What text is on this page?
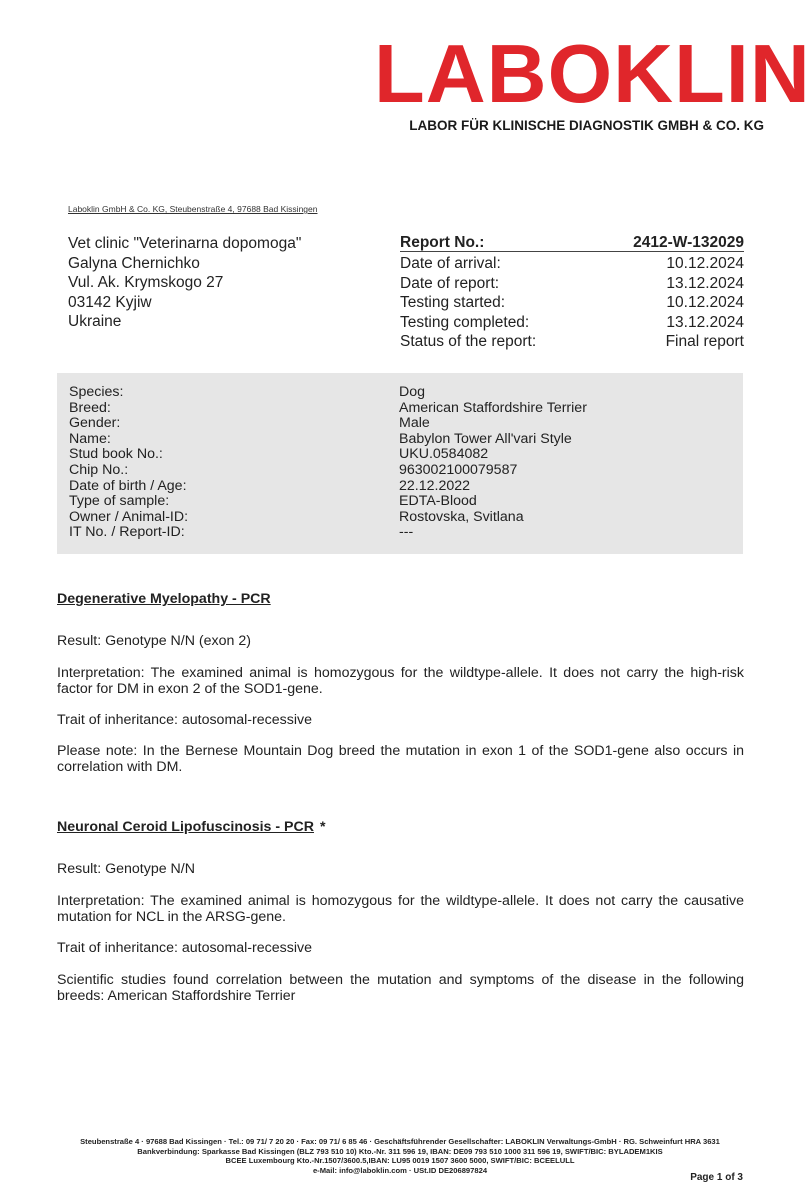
LABOKLIN
LABOR FÜR KLINISCHE DIAGNOSTIK GMBH & CO. KG
Laboklin GmbH & Co. KG, Steubenstraße 4, 97688 Bad Kissingen
Vet clinic "Veterinarna dopomoga"
Galyna Chernichko
Vul. Ak. Krymskogo 27
03142 Kyjiw
Ukraine
Report No.:	2412-W-132029
Date of arrival:	10.12.2024
Date of report:	13.12.2024
Testing started:	10.12.2024
Testing completed:	13.12.2024
Status of the report:	Final report
Species:	Dog
Breed:	American Staffordshire Terrier
Gender:	Male
Name:	Babylon Tower All'vari Style
Stud book No.:	UKU.0584082
Chip No.:	963002100079587
Date of birth / Age:	22.12.2022
Type of sample:	EDTA-Blood
Owner / Animal-ID:	Rostovska, Svitlana
IT No. / Report-ID:	---
Degenerative Myelopathy - PCR

Result: Genotype N/N (exon 2)

Interpretation: The examined animal is homozygous for the wildtype-allele. It does not carry the high-risk factor for DM in exon 2 of the SOD1-gene.

Trait of inheritance: autosomal-recessive

Please note: In the Bernese Mountain Dog breed the mutation in exon 1 of the SOD1-gene also occurs in correlation with DM.

Neuronal Ceroid Lipofuscinosis - PCR *

Result: Genotype N/N

Interpretation: The examined animal is homozygous for the wildtype-allele. It does not carry the causative mutation for NCL in the ARSG-gene.

Trait of inheritance: autosomal-recessive

Scientific studies found correlation between the mutation and symptoms of the disease in the following breeds: American Staffordshire Terrier

Steubenstraße 4 · 97688 Bad Kissingen · Tel.: 09 71/ 7 20 20 · Fax: 09 71/ 6 85 46 · Geschäftsführender Gesellschafter: LABOKLIN Verwaltungs-GmbH · RG. Schweinfurt HRA 3631
Bankverbindung: Sparkasse Bad Kissingen (BLZ 793 510 10) Kto.-Nr. 311 596 19, IBAN: DE09 793 510 1000 311 596 19, SWIFT/BIC: BYLADEM1KIS
BCEE Luxembourg Kto.-Nr.1507/3600.5,IBAN: LU95 0019 1507 3600 5000, SWIFT/BIC: BCEELULL
e-Mail: info@laboklin.com · USt.ID DE206897824
Page 1 of 3
